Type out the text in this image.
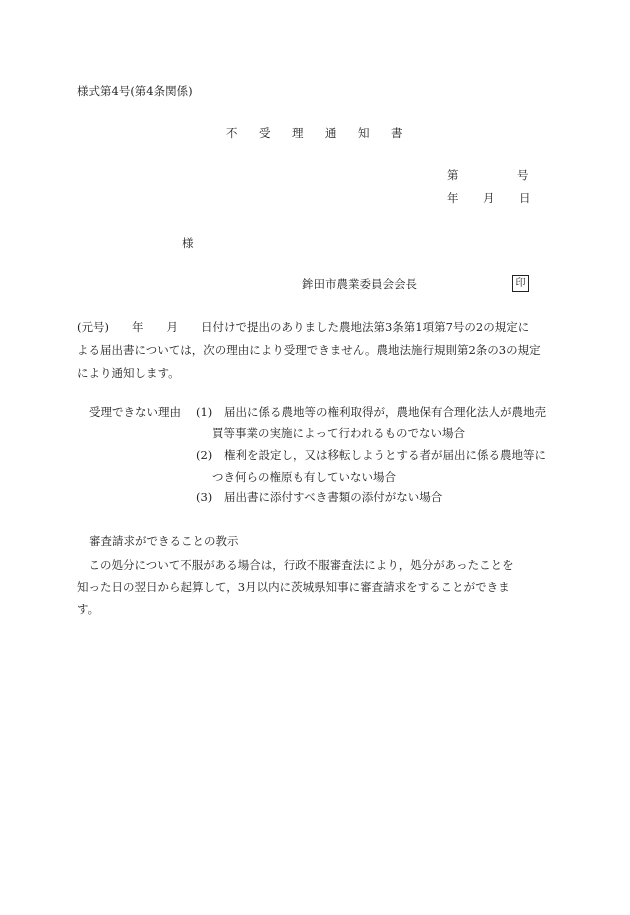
様式第4号(第4条関係)
不 受 理 通 知 書
第	号
年 月 日
様
鉾田市農業委員会会長	印
(元号)　　年　　月　　日付けで提出のありました農地法第3条第1項第7号の2の規定に
よる届出書については，次の理由により受理できません。農地法施行規則第2条の3の規定
により通知します。
受理できない理由 (1) 届出に係る農地等の権利取得が，農地保有合理化法人が農地売
買等事業の実施によって行われるものでない場合
(2) 権利を設定し，又は移転しようとする者が届出に係る農地等に
つき何らの権原も有していない場合
(3) 届出書に添付すべき書類の添付がない場合
審査請求ができることの教示
　この処分について不服がある場合は，行政不服審査法により，処分があったことを
知った日の翌日から起算して，3月以内に茨城県知事に審査請求をすることができま
す。
